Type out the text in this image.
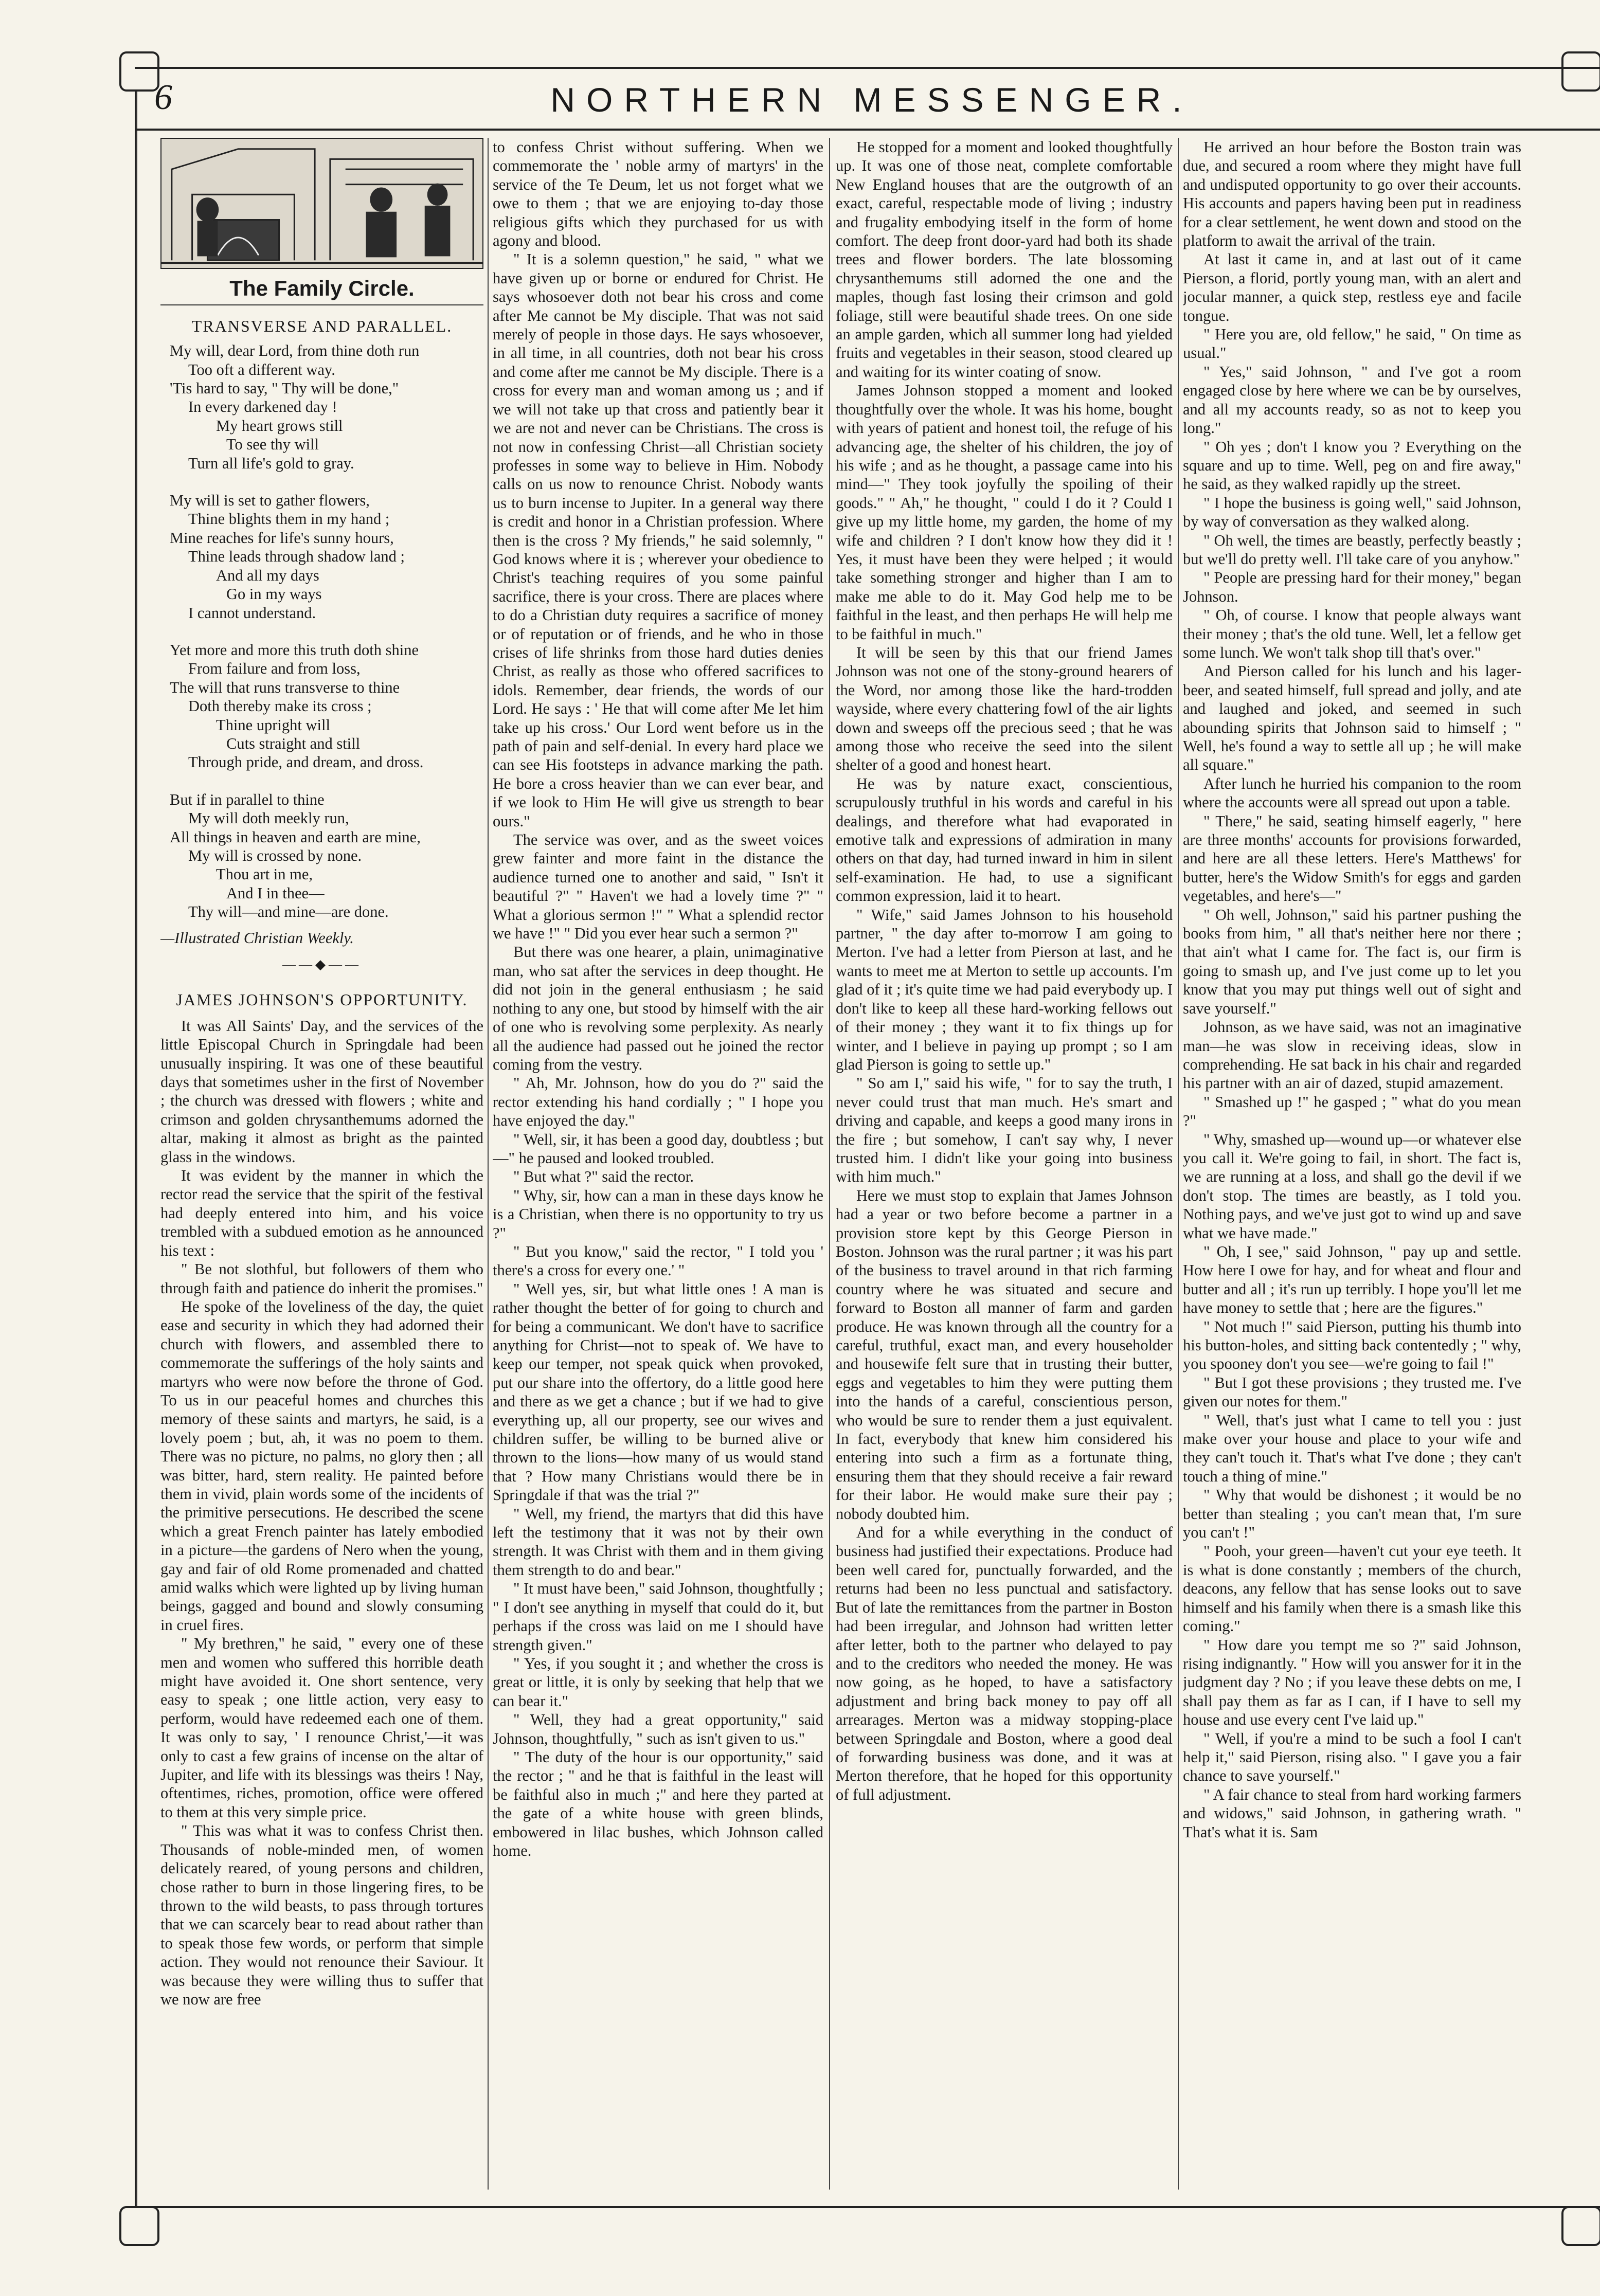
6	NORTHERN MESSENGER.
The Family Circle.
TRANSVERSE AND PARALLEL.
My will, dear Lord, from thine doth run
Too oft a different way.
'Tis hard to say, " Thy will be done,"
In every darkened day !
My heart grows still
To see thy will
Turn all life's gold to gray.
My will is set to gather flowers,
Thine blights them in my hand ;
Mine reaches for life's sunny hours,
Thine leads through shadow land ;
And all my days
Go in my ways
I cannot understand.
Yet more and more this truth doth shine
From failure and from loss,
The will that runs transverse to thine
Doth thereby make its cross ;
Thine upright will
Cuts straight and still
Through pride, and dream, and dross.
But if in parallel to thine
My will doth meekly run,
All things in heaven and earth are mine,
My will is crossed by none.
Thou art in me,
And I in thee—
Thy will—and mine—are done.
—Illustrated Christian Weekly.
——◆——
JAMES JOHNSON'S OPPORTUNITY.

It was All Saints' Day, and the services of the little Episcopal Church in Springdale had been unusually inspiring. It was one of these beautiful days that sometimes usher in the first of November ; the church was dressed with flowers ; white and crimson and golden chrysanthemums adorned the altar, making it almost as bright as the painted glass in the windows.

It was evident by the manner in which the rector read the service that the spirit of the festival had deeply entered into him, and his voice trembled with a subdued emotion as he announced his text :

" Be not slothful, but followers of them who through faith and patience do inherit the promises."

He spoke of the loveliness of the day, the quiet ease and security in which they had adorned their church with flowers, and assembled there to commemorate the sufferings of the holy saints and martyrs who were now before the throne of God. To us in our peaceful homes and churches this memory of these saints and martyrs, he said, is a lovely poem ; but, ah, it was no poem to them. There was no picture, no palms, no glory then ; all was bitter, hard, stern reality. He painted before them in vivid, plain words some of the incidents of the primitive persecutions. He described the scene which a great French painter has lately embodied in a picture—the gardens of Nero when the young, gay and fair of old Rome promenaded and chatted amid walks which were lighted up by living human beings, gagged and bound and slowly consuming in cruel fires.

" My brethren," he said, " every one of these men and women who suffered this horrible death might have avoided it. One short sentence, very easy to speak ; one little action, very easy to perform, would have redeemed each one of them. It was only to say, ' I renounce Christ,'—it was only to cast a few grains of incense on the altar of Jupiter, and life with its blessings was theirs ! Nay, oftentimes, riches, promotion, office were offered to them at this very simple price.

" This was what it was to confess Christ then. Thousands of noble-minded men, of women delicately reared, of young persons and children, chose rather to burn in those lingering fires, to be thrown to the wild beasts, to pass through tortures that we can scarcely bear to read about rather than to speak those few words, or perform that simple action. They would not renounce their Saviour. It was because they were willing thus to suffer that we now are free

to confess Christ without suffering. When we commemorate the ' noble army of martyrs' in the service of the Te Deum, let us not forget what we owe to them ; that we are enjoying to-day those religious gifts which they purchased for us with agony and blood.

" It is a solemn question," he said, " what we have given up or borne or endured for Christ. He says whosoever doth not bear his cross and come after Me cannot be My disciple. That was not said merely of people in those days. He says whosoever, in all time, in all countries, doth not bear his cross and come after me cannot be My disciple. There is a cross for every man and woman among us ; and if we will not take up that cross and patiently bear it we are not and never can be Christians. The cross is not now in confessing Christ—all Christian society professes in some way to believe in Him. Nobody calls on us now to renounce Christ. Nobody wants us to burn incense to Jupiter. In a general way there is credit and honor in a Christian profession. Where then is the cross ? My friends," he said solemnly, " God knows where it is ; wherever your obedience to Christ's teaching requires of you some painful sacrifice, there is your cross. There are places where to do a Christian duty requires a sacrifice of money or of reputation or of friends, and he who in those crises of life shrinks from those hard duties denies Christ, as really as those who offered sacrifices to idols. Remember, dear friends, the words of our Lord. He says : ' He that will come after Me let him take up his cross.' Our Lord went before us in the path of pain and self-denial. In every hard place we can see His footsteps in advance marking the path. He bore a cross heavier than we can ever bear, and if we look to Him He will give us strength to bear ours."

The service was over, and as the sweet voices grew fainter and more faint in the distance the audience turned one to another and said, " Isn't it beautiful ?" " Haven't we had a lovely time ?" " What a glorious sermon !" " What a splendid rector we have !" " Did you ever hear such a sermon ?"

But there was one hearer, a plain, unimaginative man, who sat after the services in deep thought. He did not join in the general enthusiasm ; he said nothing to any one, but stood by himself with the air of one who is revolving some perplexity. As nearly all the audience had passed out he joined the rector coming from the vestry.

" Ah, Mr. Johnson, how do you do ?" said the rector extending his hand cordially ; " I hope you have enjoyed the day."

" Well, sir, it has been a good day, doubtless ; but—" he paused and looked troubled.

" But what ?" said the rector.

" Why, sir, how can a man in these days know he is a Christian, when there is no opportunity to try us ?"

" But you know," said the rector, " I told you ' there's a cross for every one.' "

" Well yes, sir, but what little ones ! A man is rather thought the better of for going to church and for being a communicant. We don't have to sacrifice anything for Christ—not to speak of. We have to keep our temper, not speak quick when provoked, put our share into the offertory, do a little good here and there as we get a chance ; but if we had to give everything up, all our property, see our wives and children suffer, be willing to be burned alive or thrown to the lions—how many of us would stand that ? How many Christians would there be in Springdale if that was the trial ?"

" Well, my friend, the martyrs that did this have left the testimony that it was not by their own strength. It was Christ with them and in them giving them strength to do and bear."

" It must have been," said Johnson, thoughtfully ; " I don't see anything in myself that could do it, but perhaps if the cross was laid on me I should have strength given."

" Yes, if you sought it ; and whether the cross is great or little, it is only by seeking that help that we can bear it."

" Well, they had a great opportunity," said Johnson, thoughtfully, " such as isn't given to us."

" The duty of the hour is our opportunity," said the rector ; " and he that is faithful in the least will be faithful also in much ;" and here they parted at the gate of a white house with green blinds, embowered in lilac bushes, which Johnson called home.

He stopped for a moment and looked thoughtfully up. It was one of those neat, complete comfortable New England houses that are the outgrowth of an exact, careful, respectable mode of living ; industry and frugality embodying itself in the form of home comfort. The deep front door-yard had both its shade trees and flower borders. The late blossoming chrysanthemums still adorned the one and the maples, though fast losing their crimson and gold foliage, still were beautiful shade trees. On one side an ample garden, which all summer long had yielded fruits and vegetables in their season, stood cleared up and waiting for its winter coating of snow.

James Johnson stopped a moment and looked thoughtfully over the whole. It was his home, bought with years of patient and honest toil, the refuge of his advancing age, the shelter of his children, the joy of his wife ; and as he thought, a passage came into his mind—" They took joyfully the spoiling of their goods." " Ah," he thought, " could I do it ? Could I give up my little home, my garden, the home of my wife and children ? I don't know how they did it ! Yes, it must have been they were helped ; it would take something stronger and higher than I am to make me able to do it. May God help me to be faithful in the least, and then perhaps He will help me to be faithful in much."

It will be seen by this that our friend James Johnson was not one of the stony-ground hearers of the Word, nor among those like the hard-trodden wayside, where every chattering fowl of the air lights down and sweeps off the precious seed ; that he was among those who receive the seed into the silent shelter of a good and honest heart.

He was by nature exact, conscientious, scrupulously truthful in his words and careful in his dealings, and therefore what had evaporated in emotive talk and expressions of admiration in many others on that day, had turned inward in him in silent self-examination. He had, to use a significant common expression, laid it to heart.

" Wife," said James Johnson to his household partner, " the day after to-morrow I am going to Merton. I've had a letter from Pierson at last, and he wants to meet me at Merton to settle up accounts. I'm glad of it ; it's quite time we had paid everybody up. I don't like to keep all these hard-working fellows out of their money ; they want it to fix things up for winter, and I believe in paying up prompt ; so I am glad Pierson is going to settle up."

" So am I," said his wife, " for to say the truth, I never could trust that man much. He's smart and driving and capable, and keeps a good many irons in the fire ; but somehow, I can't say why, I never trusted him. I didn't like your going into business with him much."

Here we must stop to explain that James Johnson had a year or two before become a partner in a provision store kept by this George Pierson in Boston. Johnson was the rural partner ; it was his part of the business to travel around in that rich farming country where he was situated and secure and forward to Boston all manner of farm and garden produce. He was known through all the country for a careful, truthful, exact man, and every householder and housewife felt sure that in trusting their butter, eggs and vegetables to him they were putting them into the hands of a careful, conscientious person, who would be sure to render them a just equivalent. In fact, everybody that knew him considered his entering into such a firm as a fortunate thing, ensuring them that they should receive a fair reward for their labor. He would make sure their pay ; nobody doubted him.

And for a while everything in the conduct of business had justified their expectations. Produce had been well cared for, punctually forwarded, and the returns had been no less punctual and satisfactory. But of late the remittances from the partner in Boston had been irregular, and Johnson had written letter after letter, both to the partner who delayed to pay and to the creditors who needed the money. He was now going, as he hoped, to have a satisfactory adjustment and bring back money to pay off all arrearages. Merton was a midway stopping-place between Springdale and Boston, where a good deal of forwarding business was done, and it was at Merton therefore, that he hoped for this opportunity of full adjustment.

He arrived an hour before the Boston train was due, and secured a room where they might have full and undisputed opportunity to go over their accounts. His accounts and papers having been put in readiness for a clear settlement, he went down and stood on the platform to await the arrival of the train.

At last it came in, and at last out of it came Pierson, a florid, portly young man, with an alert and jocular manner, a quick step, restless eye and facile tongue.

" Here you are, old fellow," he said, " On time as usual."

" Yes," said Johnson, " and I've got a room engaged close by here where we can be by ourselves, and all my accounts ready, so as not to keep you long."

" Oh yes ; don't I know you ? Everything on the square and up to time. Well, peg on and fire away," he said, as they walked rapidly up the street.

" I hope the business is going well," said Johnson, by way of conversation as they walked along.

" Oh well, the times are beastly, perfectly beastly ; but we'll do pretty well. I'll take care of you anyhow."

" People are pressing hard for their money," began Johnson.

" Oh, of course. I know that people always want their money ; that's the old tune. Well, let a fellow get some lunch. We won't talk shop till that's over."

And Pierson called for his lunch and his lager-beer, and seated himself, full spread and jolly, and ate and laughed and joked, and seemed in such abounding spirits that Johnson said to himself ; " Well, he's found a way to settle all up ; he will make all square."

After lunch he hurried his companion to the room where the accounts were all spread out upon a table.

" There," he said, seating himself eagerly, " here are three months' accounts for provisions forwarded, and here are all these letters. Here's Matthews' for butter, here's the Widow Smith's for eggs and garden vegetables, and here's—"

" Oh well, Johnson," said his partner pushing the books from him, " all that's neither here nor there ; that ain't what I came for. The fact is, our firm is going to smash up, and I've just come up to let you know that you may put things well out of sight and save yourself."

Johnson, as we have said, was not an imaginative man—he was slow in receiving ideas, slow in comprehending. He sat back in his chair and regarded his partner with an air of dazed, stupid amazement.

" Smashed up !" he gasped ; " what do you mean ?"

" Why, smashed up—wound up—or whatever else you call it. We're going to fail, in short. The fact is, we are running at a loss, and shall go the devil if we don't stop. The times are beastly, as I told you. Nothing pays, and we've just got to wind up and save what we have made."

" Oh, I see," said Johnson, " pay up and settle. How here I owe for hay, and for wheat and flour and butter and all ; it's run up terribly. I hope you'll let me have money to settle that ; here are the figures."

" Not much !" said Pierson, putting his thumb into his button-holes, and sitting back contentedly ; " why, you spooney don't you see—we're going to fail !"

" But I got these provisions ; they trusted me. I've given our notes for them."

" Well, that's just what I came to tell you : just make over your house and place to your wife and they can't touch it. That's what I've done ; they can't touch a thing of mine."

" Why that would be dishonest ; it would be no better than stealing ; you can't mean that, I'm sure you can't !"

" Pooh, your green—haven't cut your eye teeth. It is what is done constantly ; members of the church, deacons, any fellow that has sense looks out to save himself and his family when there is a smash like this coming."

" How dare you tempt me so ?" said Johnson, rising indignantly. " How will you answer for it in the judgment day ? No ; if you leave these debts on me, I shall pay them as far as I can, if I have to sell my house and use every cent I've laid up."

" Well, if you're a mind to be such a fool I can't help it," said Pierson, rising also. " I gave you a fair chance to save yourself."

" A fair chance to steal from hard working farmers and widows," said Johnson, in gathering wrath. " That's what it is. Sam
